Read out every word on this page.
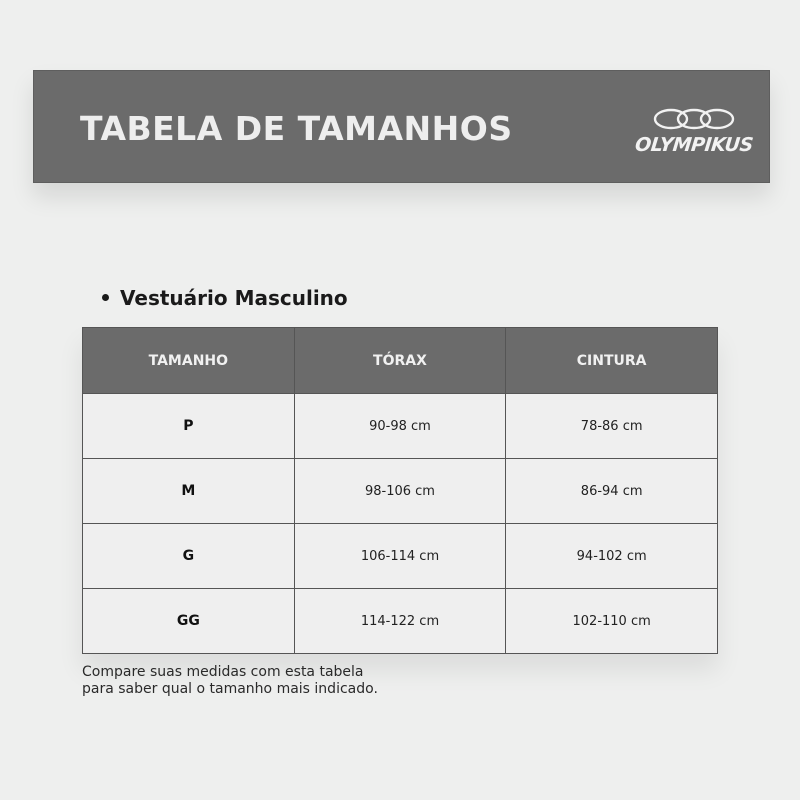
TABELA DE TAMANHOS	OLYMPIKUS
Vestuário Masculino
TAMANHO	TÓRAX	CINTURA
P	90-98 cm	78-86 cm
M	98-106 cm	86-94 cm
G	106-114 cm	94-102 cm
GG	114-122 cm	102-110 cm
Compare suas medidas com esta tabela
para saber qual o tamanho mais indicado.
